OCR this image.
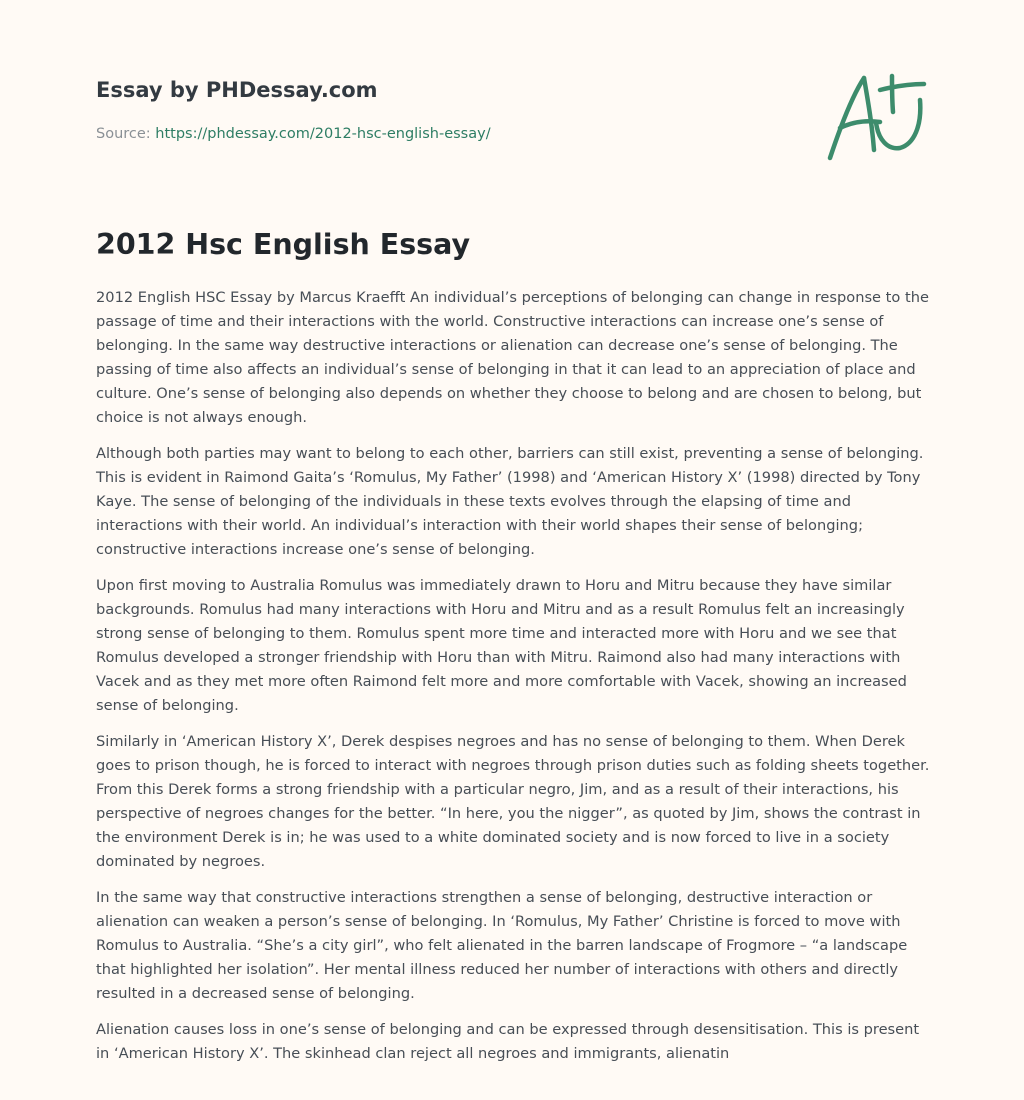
Essay by PHDessay.com
Source: https://phdessay.com/2012-hsc-english-essay/
2012 Hsc English Essay

2012 English HSC Essay by Marcus Kraefft An individual’s perceptions of belonging can change in response to the passage of time and their interactions with the world. Constructive interactions can increase one’s sense of belonging. In the same way destructive interactions or alienation can decrease one’s sense of belonging. The passing of time also affects an individual’s sense of belonging in that it can lead to an appreciation of place and culture. One’s sense of belonging also depends on whether they choose to belong and are chosen to belong, but choice is not always enough.

Although both parties may want to belong to each other, barriers can still exist, preventing a sense of belonging. This is evident in Raimond Gaita’s ‘Romulus, My Father’ (1998) and ‘American History X’ (1998) directed by Tony Kaye. The sense of belonging of the individuals in these texts evolves through the elapsing of time and interactions with their world. An individual’s interaction with their world shapes their sense of belonging; constructive interactions increase one’s sense of belonging.

Upon first moving to Australia Romulus was immediately drawn to Horu and Mitru because they have similar backgrounds. Romulus had many interactions with Horu and Mitru and as a result Romulus felt an increasingly strong sense of belonging to them. Romulus spent more time and interacted more with Horu and we see that Romulus developed a stronger friendship with Horu than with Mitru. Raimond also had many interactions with Vacek and as they met more often Raimond felt more and more comfortable with Vacek, showing an increased sense of belonging.

Similarly in ‘American History X’, Derek despises negroes and has no sense of belonging to them. When Derek goes to prison though, he is forced to interact with negroes through prison duties such as folding sheets together. From this Derek forms a strong friendship with a particular negro, Jim, and as a result of their interactions, his perspective of negroes changes for the better. “In here, you the nigger”, as quoted by Jim, shows the contrast in the environment Derek is in; he was used to a white dominated society and is now forced to live in a society dominated by negroes.

In the same way that constructive interactions strengthen a sense of belonging, destructive interaction or alienation can weaken a person’s sense of belonging. In ‘Romulus, My Father’ Christine is forced to move with Romulus to Australia. “She’s a city girl”, who felt alienated in the barren landscape of Frogmore – “a landscape that highlighted her isolation”. Her mental illness reduced her number of interactions with others and directly resulted in a decreased sense of belonging.

Alienation causes loss in one’s sense of belonging and can be expressed through desensitisation. This is present in ‘American History X’. The skinhead clan reject all negroes and immigrants, alienatin
